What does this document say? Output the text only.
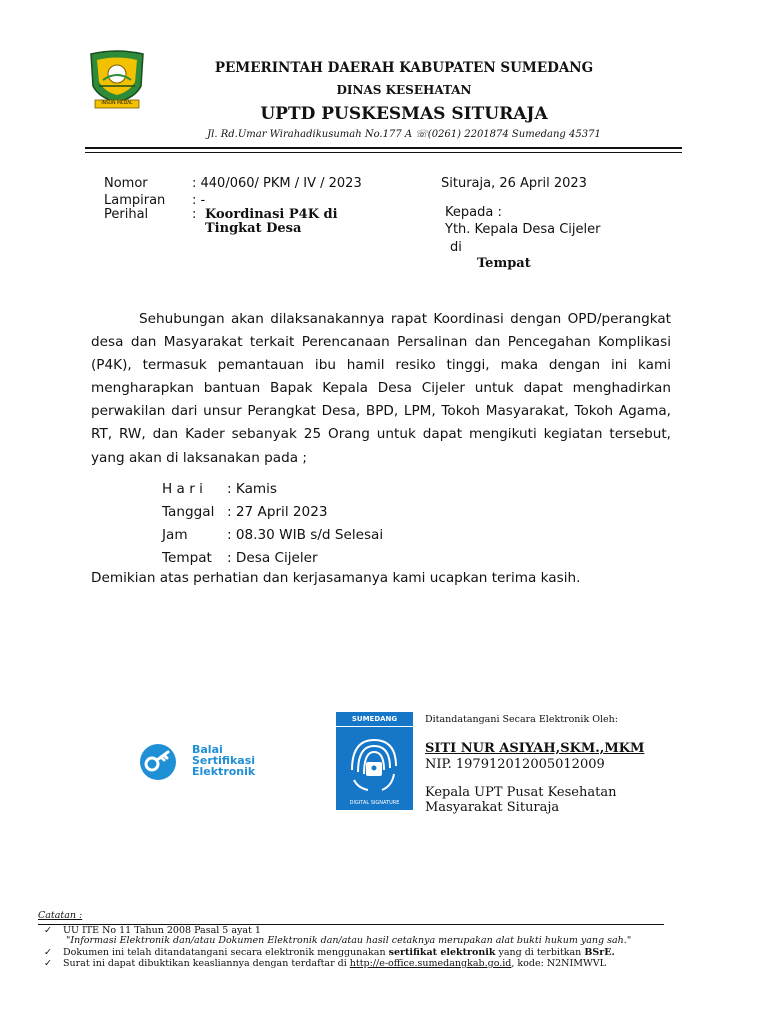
INSUN MEDAL
PEMERINTAH DAERAH KABUPATEN SUMEDANG
DINAS KESEHATAN
UPTD PUSKESMAS SITURAJA
Jl. Rd.Umar Wirahadikusumah No.177 A ☏(0261) 2201874 Sumedang 45371
Nomor	: 440/060/ PKM / IV / 2023
Lampiran : -
Perihal	: Koordinasi P4K di
Tingkat Desa
Situraja, 26 April 2023
Kepada :
Yth. Kepala Desa Cijeler
di
Tempat
Sehubungan akan dilaksanakannya rapat Koordinasi dengan OPD/perangkat desa dan Masyarakat terkait Perencanaan Persalinan dan Pencegahan Komplikasi (P4K), termasuk pemantauan ibu hamil resiko tinggi, maka dengan ini kami mengharapkan bantuan Bapak Kepala Desa Cijeler untuk dapat menghadirkan perwakilan dari unsur Perangkat Desa, BPD, LPM, Tokoh Masyarakat, Tokoh Agama, RT, RW, dan Kader sebanyak 25 Orang untuk dapat mengikuti kegiatan tersebut, yang akan di laksanakan pada ;
H a r i : Kamis
Tanggal : 27 April 2023
Jam	: 08.30 WIB s/d Selesai
Tempat : Desa Cijeler
Demikian atas perhatian dan kerjasamanya kami ucapkan terima kasih.
Balai
Sertifikasi
Elektronik
SUMEDANG
DIGITAL SIGNATURE
Ditandatangani Secara Elektronik Oleh:
SITI NUR ASIYAH,SKM.,MKM
NIP. 197912012005012009
Kepala UPT Pusat Kesehatan
Masyarakat Situraja
Catatan :
✓ UU ITE No 11 Tahun 2008 Pasal 5 ayat 1
"Informasi Elektronik dan/atau Dokumen Elektronik dan/atau hasil cetaknya merupakan alat bukti hukum yang sah."
✓ Dokumen ini telah ditandatangani secara elektronik menggunakan sertifikat elektronik yang di terbitkan BSrE.
✓ Surat ini dapat dibuktikan keasliannya dengan terdaftar di http://e-office.sumedangkab.go.id, kode: N2NIMWVL
